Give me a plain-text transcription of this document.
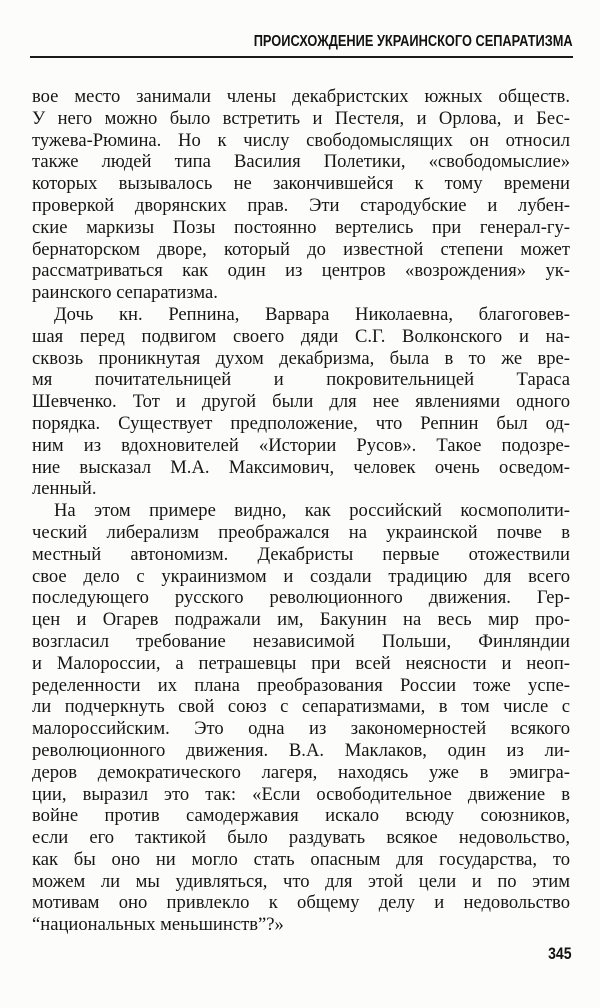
ПРОИСХОЖДЕНИЕ УКРАИНСКОГО СЕПАРАТИЗМА
вое место занимали члены декабристских южных обществ.
У него можно было встретить и Пестеля, и Орлова, и Бес-
тужева-Рюмина. Но к числу свободомыслящих он относил
также людей типа Василия Полетики, «свободомыслие»
которых вызывалось не закончившейся к тому времени
проверкой дворянских прав. Эти стародубские и лубен-
ские маркизы Позы постоянно вертелись при генерал-гу-
бернаторском дворе, который до известной степени может
рассматриваться как один из центров «возрождения» ук-
раинского сепаратизма.
Дочь кн. Репнина, Варвара Николаевна, благоговев-
шая перед подвигом своего дяди С.Г. Волконского и на-
сквозь проникнутая духом декабризма, была в то же вре-
мя почитательницей и покровительницей Тараса
Шевченко. Тот и другой были для нее явлениями одного
порядка. Существует предположение, что Репнин был од-
ним из вдохновителей «Истории Русов». Такое подозре-
ние высказал М.А. Максимович, человек очень осведом-
ленный.
На этом примере видно, как российский космополити-
ческий либерализм преображался на украинской почве в
местный автономизм. Декабристы первые отожествили
свое дело с украинизмом и создали традицию для всего
последующего русского революционного движения. Гер-
цен и Огарев подражали им, Бакунин на весь мир про-
возгласил требование независимой Польши, Финляндии
и Малороссии, а петрашевцы при всей неясности и неоп-
ределенности их плана преобразования России тоже успе-
ли подчеркнуть свой союз с сепаратизмами, в том числе с
малороссийским. Это одна из закономерностей всякого
революционного движения. В.А. Маклаков, один из ли-
деров демократического лагеря, находясь уже в эмигра-
ции, выразил это так: «Если освободительное движение в
войне против самодержавия искало всюду союзников,
если его тактикой было раздувать всякое недовольство,
как бы оно ни могло стать опасным для государства, то
можем ли мы удивляться, что для этой цели и по этим
мотивам оно привлекло к общему делу и недовольство
“национальных меньшинств”?»
345
